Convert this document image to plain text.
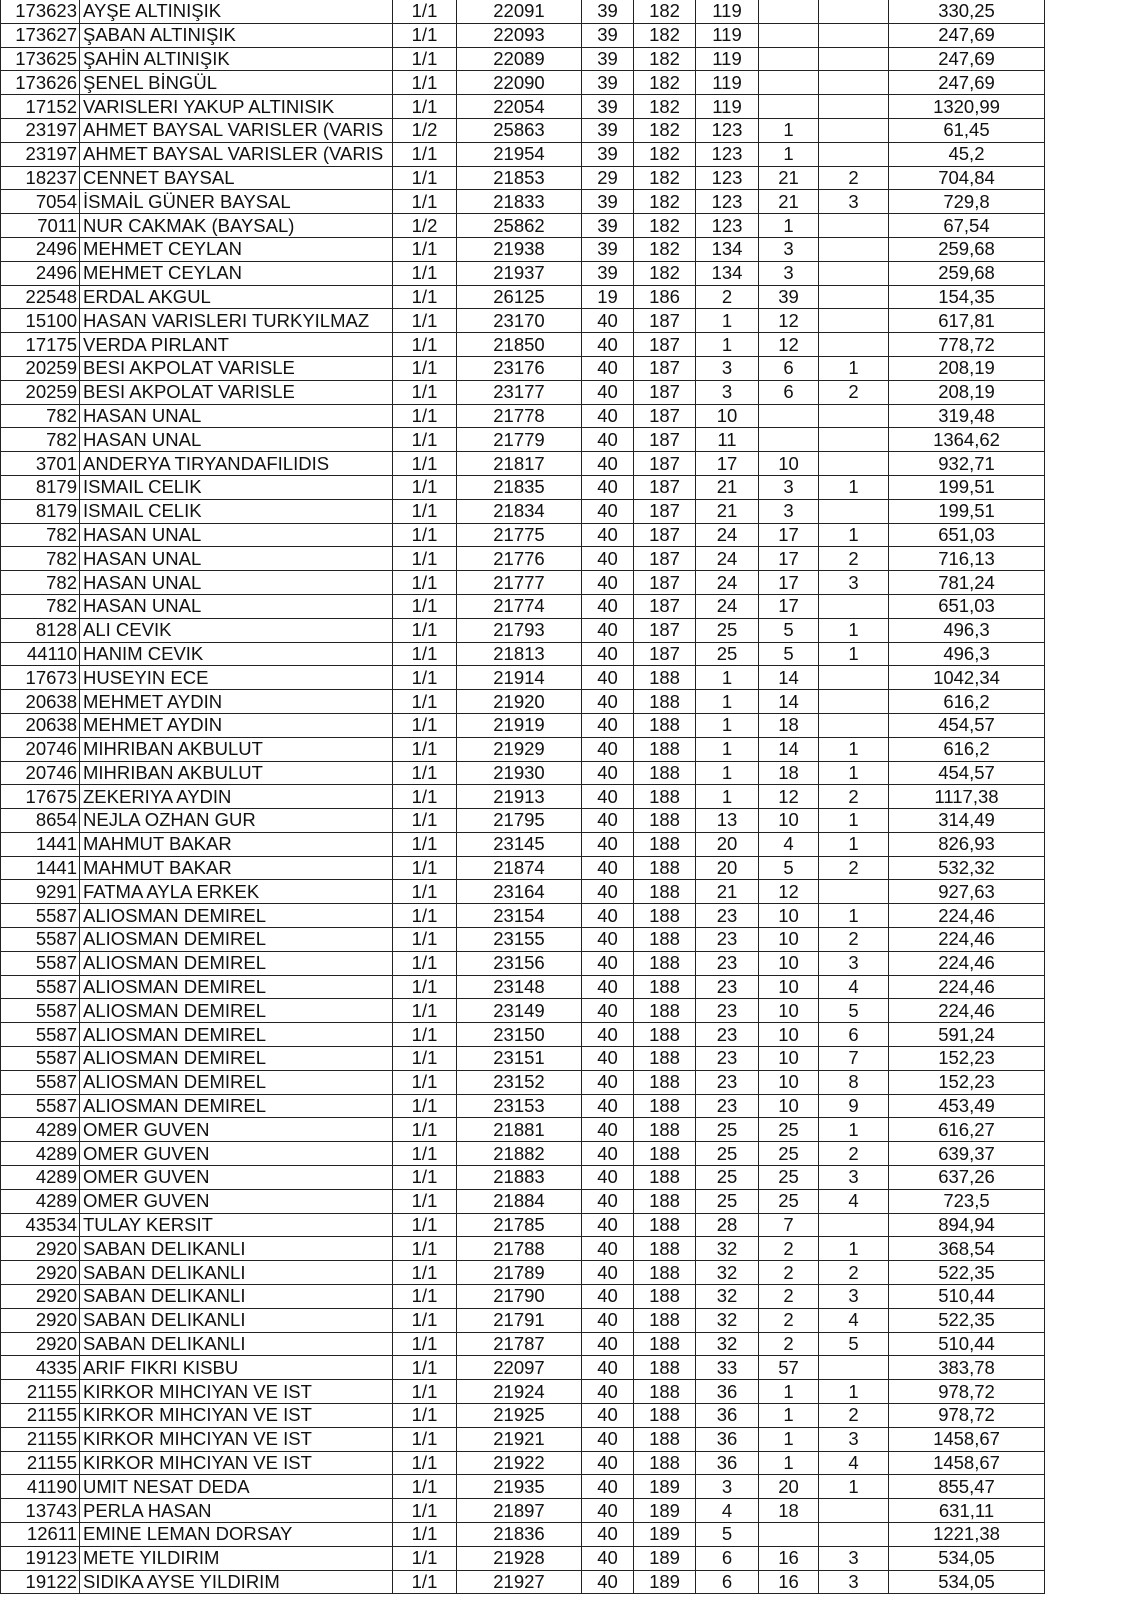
173623	AYŞE ALTINIŞIK	1/1	22091	39	182	119			330,25
173627	ŞABAN ALTINIŞIK	1/1	22093	39	182	119			247,69
173625	ŞAHİN ALTINIŞIK	1/1	22089	39	182	119			247,69
173626	ŞENEL BİNGÜL	1/1	22090	39	182	119			247,69
17152	VARISLERI YAKUP ALTINISIK	1/1	22054	39	182	119			1320,99
23197	AHMET BAYSAL VARISLER (VARIS	1/2	25863	39	182	123	1		61,45
23197	AHMET BAYSAL VARISLER (VARIS	1/1	21954	39	182	123	1		45,2
18237	CENNET BAYSAL	1/1	21853	29	182	123	21	2	704,84
7054	İSMAİL GÜNER BAYSAL	1/1	21833	39	182	123	21	3	729,8
7011	NUR CAKMAK (BAYSAL)	1/2	25862	39	182	123	1		67,54
2496	MEHMET CEYLAN	1/1	21938	39	182	134	3		259,68
2496	MEHMET CEYLAN	1/1	21937	39	182	134	3		259,68
22548	ERDAL AKGUL	1/1	26125	19	186	2	39		154,35
15100	HASAN VARISLERI TURKYILMAZ	1/1	23170	40	187	1	12		617,81
17175	VERDA PIRLANT	1/1	21850	40	187	1	12		778,72
20259	BESI AKPOLAT VARISLE	1/1	23176	40	187	3	6	1	208,19
20259	BESI AKPOLAT VARISLE	1/1	23177	40	187	3	6	2	208,19
782	HASAN UNAL	1/1	21778	40	187	10			319,48
782	HASAN UNAL	1/1	21779	40	187	11			1364,62
3701	ANDERYA TIRYANDAFILIDIS	1/1	21817	40	187	17	10		932,71
8179	ISMAIL CELIK	1/1	21835	40	187	21	3	1	199,51
8179	ISMAIL CELIK	1/1	21834	40	187	21	3		199,51
782	HASAN UNAL	1/1	21775	40	187	24	17	1	651,03
782	HASAN UNAL	1/1	21776	40	187	24	17	2	716,13
782	HASAN UNAL	1/1	21777	40	187	24	17	3	781,24
782	HASAN UNAL	1/1	21774	40	187	24	17		651,03
8128	ALI CEVIK	1/1	21793	40	187	25	5	1	496,3
44110	HANIM CEVIK	1/1	21813	40	187	25	5	1	496,3
17673	HUSEYIN ECE	1/1	21914	40	188	1	14		1042,34
20638	MEHMET AYDIN	1/1	21920	40	188	1	14		616,2
20638	MEHMET AYDIN	1/1	21919	40	188	1	18		454,57
20746	MIHRIBAN AKBULUT	1/1	21929	40	188	1	14	1	616,2
20746	MIHRIBAN AKBULUT	1/1	21930	40	188	1	18	1	454,57
17675	ZEKERIYA AYDIN	1/1	21913	40	188	1	12	2	1117,38
8654	NEJLA OZHAN GUR	1/1	21795	40	188	13	10	1	314,49
1441	MAHMUT BAKAR	1/1	23145	40	188	20	4	1	826,93
1441	MAHMUT BAKAR	1/1	21874	40	188	20	5	2	532,32
9291	FATMA AYLA ERKEK	1/1	23164	40	188	21	12		927,63
5587	ALIOSMAN DEMIREL	1/1	23154	40	188	23	10	1	224,46
5587	ALIOSMAN DEMIREL	1/1	23155	40	188	23	10	2	224,46
5587	ALIOSMAN DEMIREL	1/1	23156	40	188	23	10	3	224,46
5587	ALIOSMAN DEMIREL	1/1	23148	40	188	23	10	4	224,46
5587	ALIOSMAN DEMIREL	1/1	23149	40	188	23	10	5	224,46
5587	ALIOSMAN DEMIREL	1/1	23150	40	188	23	10	6	591,24
5587	ALIOSMAN DEMIREL	1/1	23151	40	188	23	10	7	152,23
5587	ALIOSMAN DEMIREL	1/1	23152	40	188	23	10	8	152,23
5587	ALIOSMAN DEMIREL	1/1	23153	40	188	23	10	9	453,49
4289	OMER GUVEN	1/1	21881	40	188	25	25	1	616,27
4289	OMER GUVEN	1/1	21882	40	188	25	25	2	639,37
4289	OMER GUVEN	1/1	21883	40	188	25	25	3	637,26
4289	OMER GUVEN	1/1	21884	40	188	25	25	4	723,5
43534	TULAY KERSIT	1/1	21785	40	188	28	7		894,94
2920	SABAN DELIKANLI	1/1	21788	40	188	32	2	1	368,54
2920	SABAN DELIKANLI	1/1	21789	40	188	32	2	2	522,35
2920	SABAN DELIKANLI	1/1	21790	40	188	32	2	3	510,44
2920	SABAN DELIKANLI	1/1	21791	40	188	32	2	4	522,35
2920	SABAN DELIKANLI	1/1	21787	40	188	32	2	5	510,44
4335	ARIF FIKRI KISBU	1/1	22097	40	188	33	57		383,78
21155	KIRKOR MIHCIYAN VE IST	1/1	21924	40	188	36	1	1	978,72
21155	KIRKOR MIHCIYAN VE IST	1/1	21925	40	188	36	1	2	978,72
21155	KIRKOR MIHCIYAN VE IST	1/1	21921	40	188	36	1	3	1458,67
21155	KIRKOR MIHCIYAN VE IST	1/1	21922	40	188	36	1	4	1458,67
41190	UMIT NESAT DEDA	1/1	21935	40	189	3	20	1	855,47
13743	PERLA HASAN	1/1	21897	40	189	4	18		631,11
12611	EMINE LEMAN DORSAY	1/1	21836	40	189	5			1221,38
19123	METE YILDIRIM	1/1	21928	40	189	6	16	3	534,05
19122	SIDIKA AYSE YILDIRIM	1/1	21927	40	189	6	16	3	534,05
